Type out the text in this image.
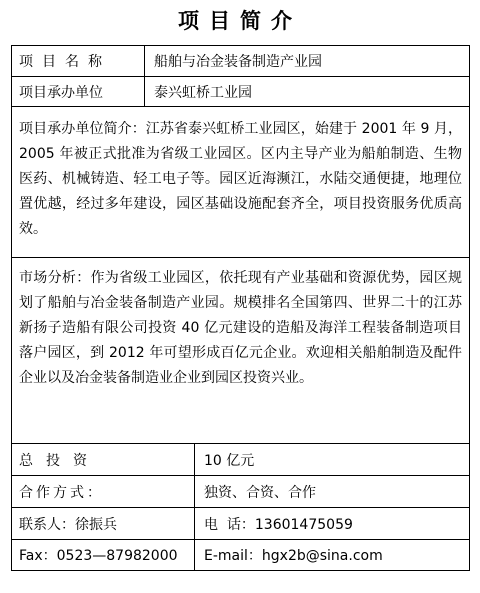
项目简介
项目名称	船舶与冶金装备制造产业园
项目承办单位	泰兴虹桥工业园
项目承办单位简介：江苏省泰兴虹桥工业园区，始建于 2001 年 9 月，2005 年被正式批准为省级工业园区。区内主导产业为船舶制造、生物医药、机械铸造、轻工电子等。园区近海濒江，水陆交通便捷，地理位置优越，经过多年建设，园区基础设施配套齐全，项目投资服务优质高效。
市场分析：作为省级工业园区，依托现有产业基础和资源优势，园区规划了船舶与冶金装备制造产业园。规模排名全国第四、世界二十的江苏新扬子造船有限公司投资 40 亿元建设的造船及海洋工程装备制造项目落户园区，到 2012 年可望形成百亿元企业。欢迎相关船舶制造及配件企业以及冶金装备制造业企业到园区投资兴业。
总投资	10 亿元
合作方式：	独资、合资、合作
联系人：徐振兵	电  话：13601475059
Fax：0523—87982000	E-mail：hgx2b@sina.com
